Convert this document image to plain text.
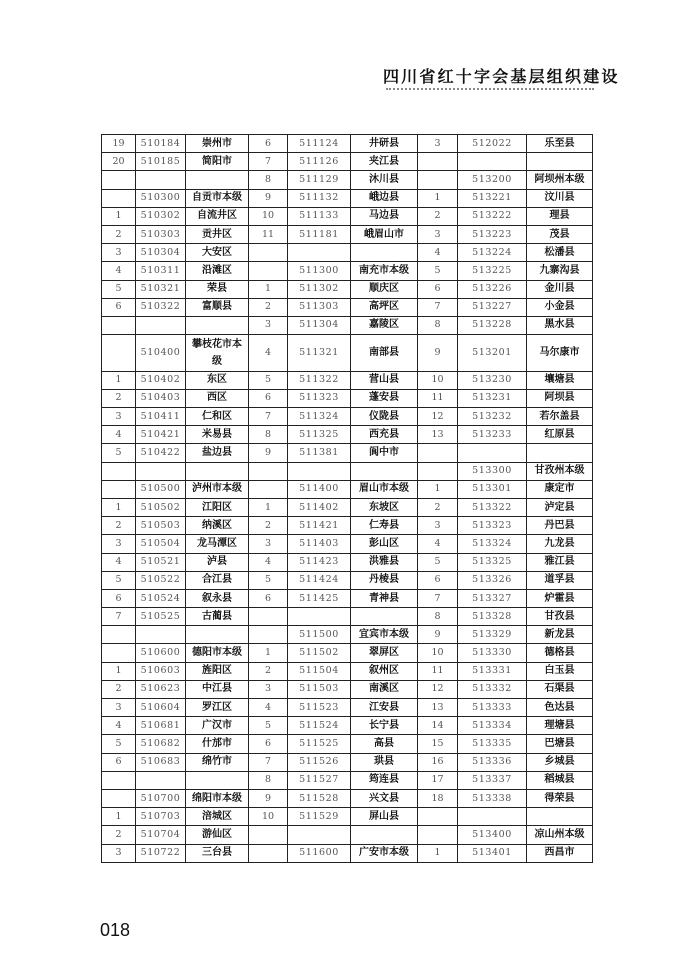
四川省红十字会基层组织建设
19	510184	崇州市	6	511124	井研县	3	512022	乐至县
20	510185	简阳市	7	511126	夹江县			
			8	511129	沐川县		513200	阿坝州本级
	510300	自贡市本级	9	511132	峨边县	1	513221	汶川县
1	510302	自流井区	10	511133	马边县	2	513222	理县
2	510303	贡井区	11	511181	峨眉山市	3	513223	茂县
3	510304	大安区				4	513224	松潘县
4	510311	沿滩区		511300	南充市本级	5	513225	九寨沟县
5	510321	荣县	1	511302	顺庆区	6	513226	金川县
6	510322	富顺县	2	511303	高坪区	7	513227	小金县
			3	511304	嘉陵区	8	513228	黑水县
	510400	攀枝花市本级	4	511321	南部县	9	513201	马尔康市
1	510402	东区	5	511322	营山县	10	513230	壤塘县
2	510403	西区	6	511323	蓬安县	11	513231	阿坝县
3	510411	仁和区	7	511324	仪陇县	12	513232	若尔盖县
4	510421	米易县	8	511325	西充县	13	513233	红原县
5	510422	盐边县	9	511381	阆中市			
							513300	甘孜州本级
	510500	泸州市本级		511400	眉山市本级	1	513301	康定市
1	510502	江阳区	1	511402	东坡区	2	513322	泸定县
2	510503	纳溪区	2	511421	仁寿县	3	513323	丹巴县
3	510504	龙马潭区	3	511403	彭山区	4	513324	九龙县
4	510521	泸县	4	511423	洪雅县	5	513325	雅江县
5	510522	合江县	5	511424	丹棱县	6	513326	道孚县
6	510524	叙永县	6	511425	青神县	7	513327	炉霍县
7	510525	古蔺县				8	513328	甘孜县
				511500	宜宾市本级	9	513329	新龙县
	510600	德阳市本级	1	511502	翠屏区	10	513330	德格县
1	510603	旌阳区	2	511504	叙州区	11	513331	白玉县
2	510623	中江县	3	511503	南溪区	12	513332	石渠县
3	510604	罗江区	4	511523	江安县	13	513333	色达县
4	510681	广汉市	5	511524	长宁县	14	513334	理塘县
5	510682	什邡市	6	511525	高县	15	513335	巴塘县
6	510683	绵竹市	7	511526	珙县	16	513336	乡城县
			8	511527	筠连县	17	513337	稻城县
	510700	绵阳市本级	9	511528	兴文县	18	513338	得荣县
1	510703	涪城区	10	511529	屏山县			
2	510704	游仙区					513400	凉山州本级
3	510722	三台县		511600	广安市本级	1	513401	西昌市
018
